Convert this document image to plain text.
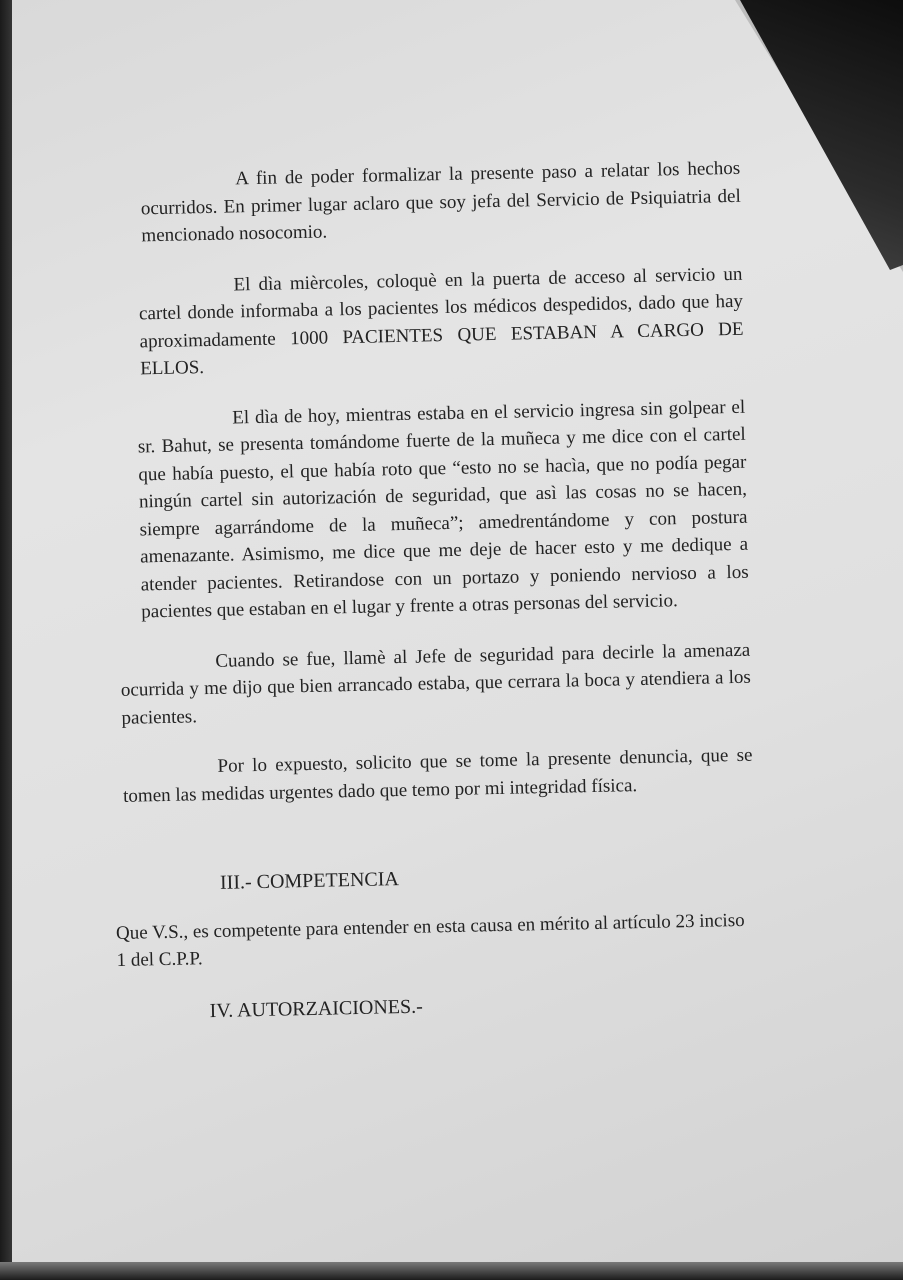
A fin de poder formalizar la presente paso a relatar los hechos ocurridos. En primer lugar aclaro que soy jefa del Servicio de Psiquiatria del mencionado nosocomio.

El dìa mièrcoles, coloquè en la puerta de acceso al servicio un cartel donde informaba a los pacientes los médicos despedidos, dado que hay aproximadamente 1000 PACIENTES QUE ESTABAN A CARGO DE ELLOS.

El dìa de hoy, mientras estaba en el servicio ingresa sin golpear el sr. Bahut, se presenta tomándome fuerte de la muñeca y me dice con el cartel que había puesto, el que había roto que “esto no se hacìa, que no podía pegar ningún cartel sin autorización de seguridad, que asì las cosas no se hacen, siempre agarrándome de la muñeca”; amedrentándome y con postura amenazante. Asimismo, me dice que me deje de hacer esto y me dedique a atender pacientes. Retirandose con un portazo y poniendo nervioso a los pacientes que estaban en el lugar y frente a otras personas del servicio.

Cuando se fue, llamè al Jefe de seguridad para decirle la amenaza ocurrida y me dijo que bien arrancado estaba, que cerrara la boca y atendiera a los pacientes.

Por lo expuesto, solicito que se tome la presente denuncia, que se tomen las medidas urgentes dado que temo por mi integridad física.

III.- COMPETENCIA

Que V.S., es competente para entender en esta causa en mérito al artículo 23 inciso 1 del C.P.P.

IV. AUTORZAICIONES.-
